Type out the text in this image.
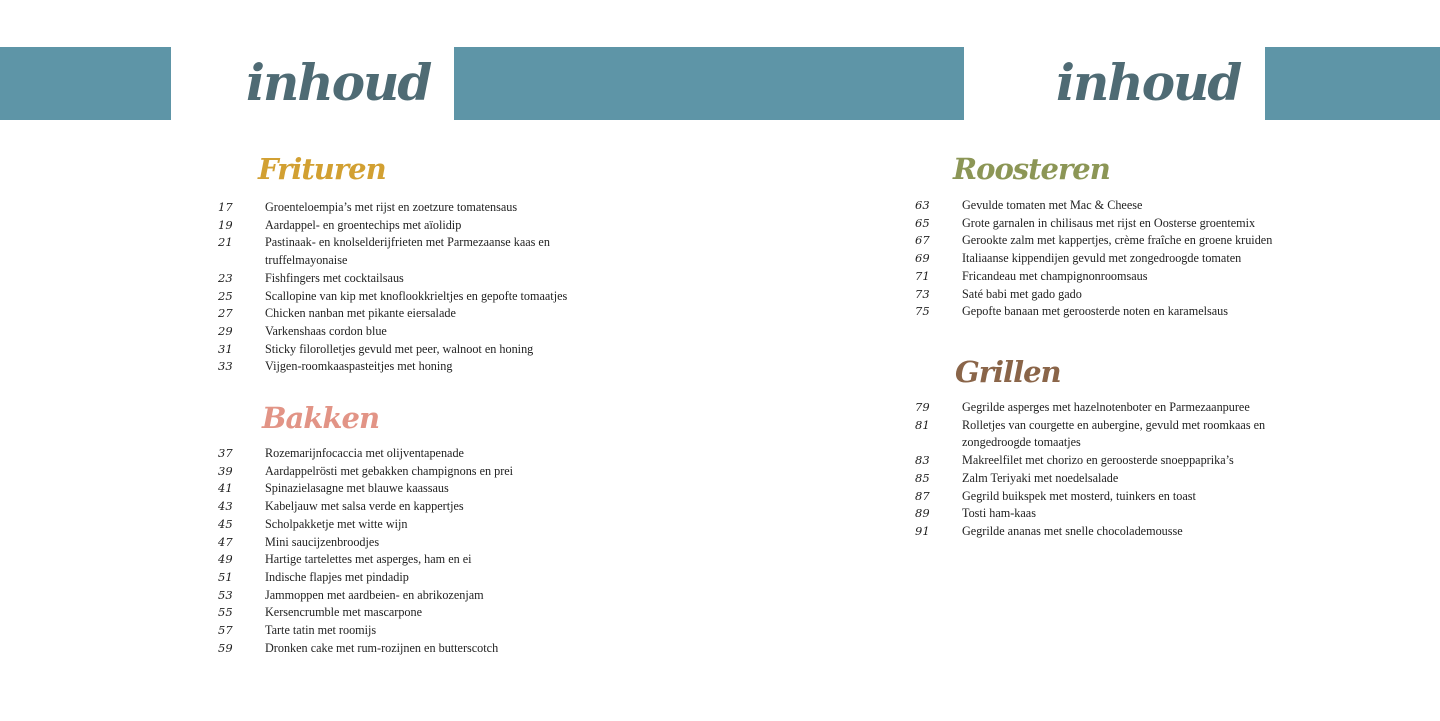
inhoud	inhoud
Frituren
17	Groenteloempia’s met rijst en zoetzure tomatensaus
19	Aardappel- en groentechips met aïolidip
21	Pastinaak- en knolselderijfrieten met Parmezaanse kaas en truffelmayonaise
23	Fishfingers met cocktailsaus
25	Scallopine van kip met knoflookkrieltjes en gepofte tomaatjes
27	Chicken nanban met pikante eiersalade
29	Varkenshaas cordon blue
31	Sticky filorolletjes gevuld met peer, walnoot en honing
33	Vijgen-roomkaaspasteitjes met honing
Bakken
37	Rozemarijnfocaccia met olijventapenade
39	Aardappelrösti met gebakken champignons en prei
41	Spinazielasagne met blauwe kaassaus
43	Kabeljauw met salsa verde en kappertjes
45	Scholpakketje met witte wijn
47	Mini saucijzenbroodjes
49	Hartige tartelettes met asperges, ham en ei
51	Indische flapjes met pindadip
53	Jammoppen met aardbeien- en abrikozenjam
55	Kersencrumble met mascarpone
57	Tarte tatin met roomijs
59	Dronken cake met rum-rozijnen en butterscotch
Roosteren
63	Gevulde tomaten met Mac & Cheese
65	Grote garnalen in chilisaus met rijst en Oosterse groentemix
67	Gerookte zalm met kappertjes, crème fraîche en groene kruiden
69	Italiaanse kippendijen gevuld met zongedroogde tomaten
71	Fricandeau met champignonroomsaus
73	Saté babi met gado gado
75	Gepofte banaan met geroosterde noten en karamelsaus
Grillen
79	Gegrilde asperges met hazelnotenboter en Parmezaanpuree
81	Rolletjes van courgette en aubergine, gevuld met roomkaas en zongedroogde tomaatjes
83	Makreelfilet met chorizo en geroosterde snoeppaprika’s
85	Zalm Teriyaki met noedelsalade
87	Gegrild buikspek met mosterd, tuinkers en toast
89	Tosti ham-kaas
91	Gegrilde ananas met snelle chocolademousse
